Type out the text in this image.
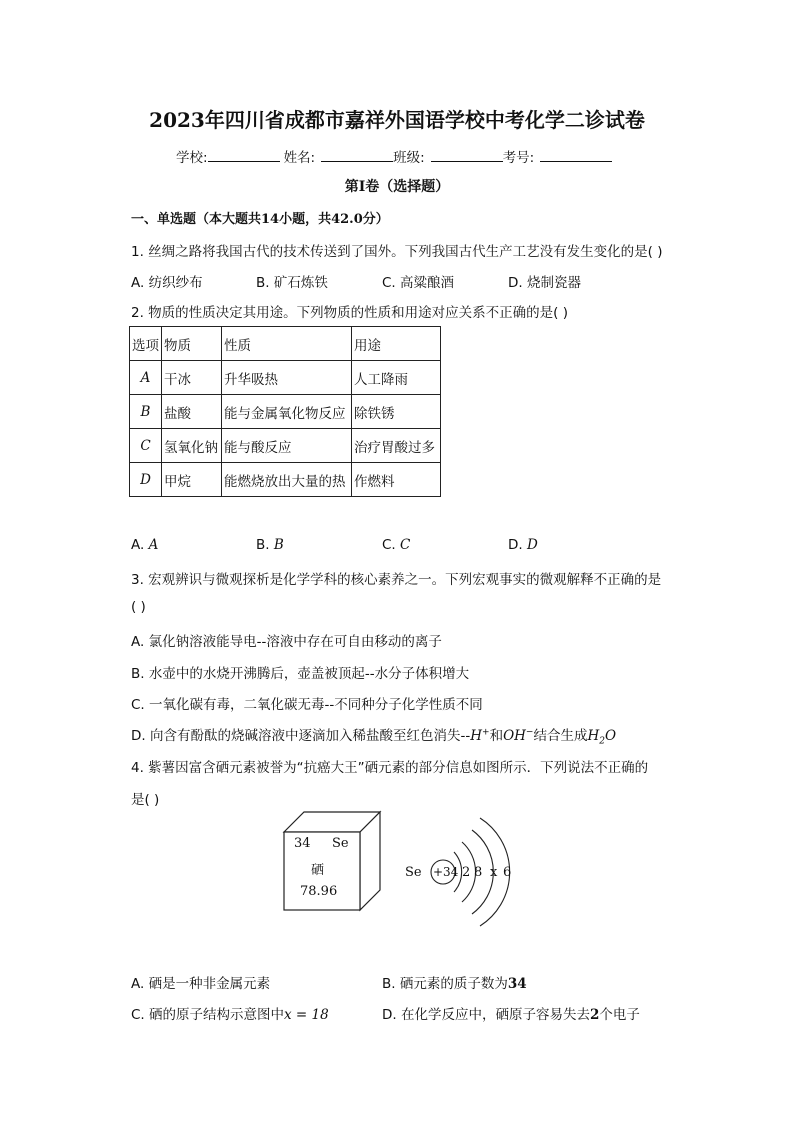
2023年四川省成都市嘉祥外国语学校中考化学二诊试卷
学校:	姓名:	班级:	考号:
第I卷（选择题）
一、单选题（本大题共14小题，共42.0分）
1. 丝绸之路将我国古代的技术传送到了国外。下列我国古代生产工艺没有发生变化的是( )
A. 纺织纱布	B. 矿石炼铁	C. 高粱酿酒	D. 烧制瓷器
2. 物质的性质决定其用途。下列物质的性质和用途对应关系不正确的是( )
选项	物质	性质	用途
A	干冰	升华吸热	人工降雨
B	盐酸	能与金属氧化物反应	除铁锈
C	氢氧化钠	能与酸反应	治疗胃酸过多
D	甲烷	能燃烧放出大量的热	作燃料
A. A	B. B	C. C	D. D
3. 宏观辨识与微观探析是化学学科的核心素养之一。下列宏观事实的微观解释不正确的是
( )
A. 氯化钠溶液能导电--溶液中存在可自由移动的离子
B. 水壶中的水烧开沸腾后，壶盖被顶起--水分子体积增大
C. 一氧化碳有毒，二氧化碳无毒--不同种分子化学性质不同
D. 向含有酚酞的烧碱溶液中逐滴加入稀盐酸至红色消失--H+和OH−结合生成$H_2O$
4. 紫薯因富含硒元素被誉为“抗癌大王”硒元素的部分信息如图所示．下列说法不正确的
是( )
34 Se
硒
78.96
Se +34 2 8 x 6
A. 硒是一种非金属元素	B. 硒元素的质子数为34
C. 硒的原子结构示意图中x = 18	D. 在化学反应中，硒原子容易失去2个电子
